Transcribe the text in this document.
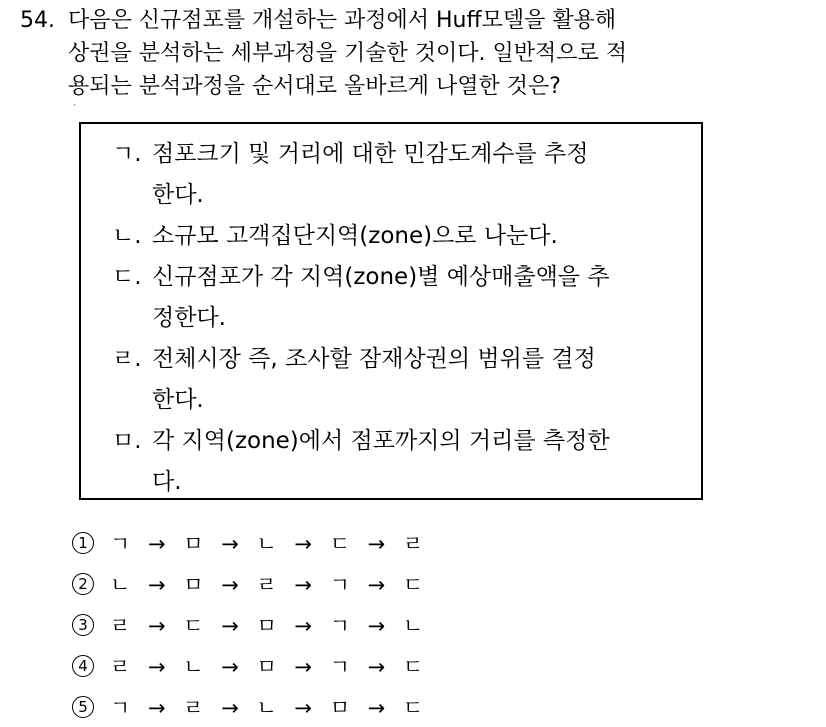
54. 다음은 신규점포를 개설하는 과정에서 Huff모델을 활용해
상권을 분석하는 세부과정을 기술한 것이다. 일반적으로 적
용되는 분석과정을 순서대로 올바르게 나열한 것은?
ˊ
ㄱ. 점포크기 및 거리에 대한 민감도계수를 추정
한다.
ㄴ. 소규모 고객집단지역(zone)으로 나눈다.
ㄷ. 신규점포가 각 지역(zone)별 예상매출액을 추
정한다.
ㄹ. 전체시장 즉, 조사할 잠재상권의 범위를 결정
한다.
ㅁ. 각 지역(zone)에서 점포까지의 거리를 측정한
다.
1 ㄱ → ㅁ → ㄴ → ㄷ → ㄹ
2 ㄴ → ㅁ → ㄹ → ㄱ → ㄷ
3 ㄹ → ㄷ → ㅁ → ㄱ → ㄴ
4 ㄹ → ㄴ → ㅁ → ㄱ → ㄷ
5 ㄱ → ㄹ → ㄴ → ㅁ → ㄷ
